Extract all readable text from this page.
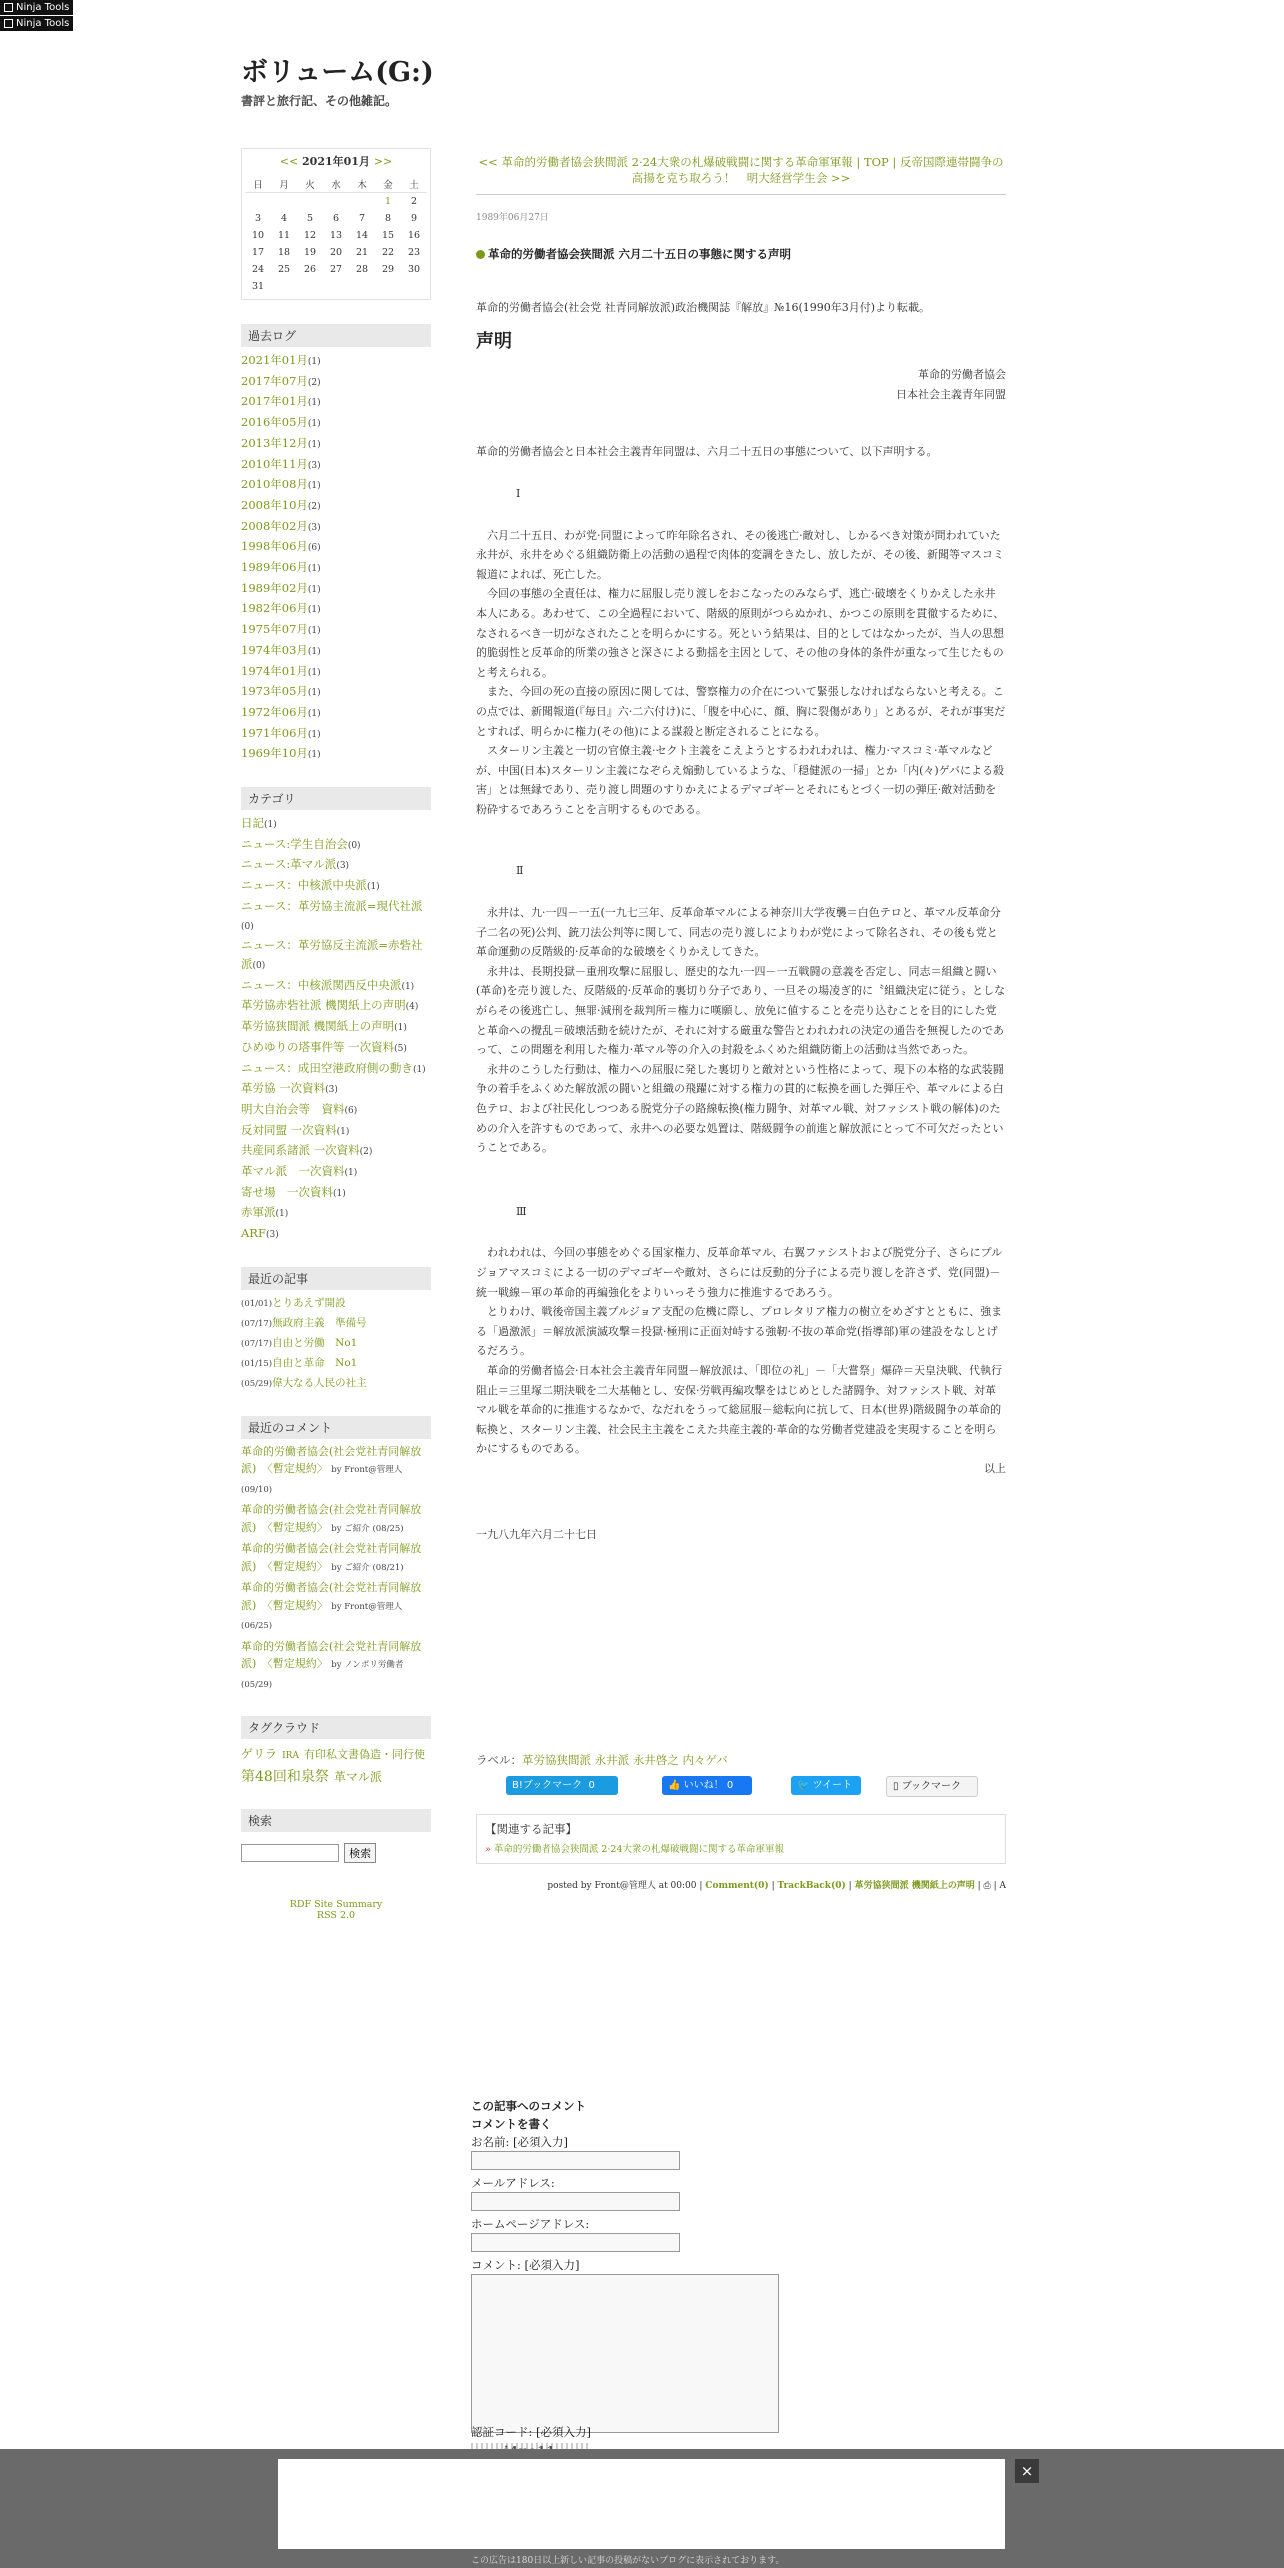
Ninja Tools
Ninja Tools
ボリューム(G:)
書評と旅行記、その他雑記。
<< 2021年01月 >>
日	月	火	水	木	金	土
					1	2
3	4	5	6	7	8	9
10	11	12	13	14	15	16
17	18	19	20	21	22	23
24	25	26	27	28	29	30
31						
過去ログ
2021年01月(1)
2017年07月(2)
2017年01月(1)
2016年05月(1)
2013年12月(1)
2010年11月(3)
2010年08月(1)
2008年10月(2)
2008年02月(3)
1998年06月(6)
1989年06月(1)
1989年02月(1)
1982年06月(1)
1975年07月(1)
1974年03月(1)
1974年01月(1)
1973年05月(1)
1972年06月(1)
1971年06月(1)
1969年10月(1)
カテゴリ
日記(1)
ニュース:学生自治会(0)
ニュース:革マル派(3)
ニュース：中核派中央派(1)
ニュース：革労協主流派=現代社派(0)
ニュース：革労協反主流派=赤砦社派(0)
ニュース：中核派関西反中央派(1)
革労協赤砦社派 機関紙上の声明(4)
革労協狭間派 機関紙上の声明(1)
ひめゆりの塔事件等 一次資料(5)
ニュース：成田空港政府側の動き(1)
革労協 一次資料(3)
明大自治会等　資料(6)
反対同盟 一次資料(1)
共産同系諸派 一次資料(2)
革マル派　一次資料(1)
寄せ場　一次資料(1)
赤軍派(1)
ARF(3)
最近の記事
(01/01)とりあえず開設
(07/17)無政府主義　準備号
(07/17)自由と労働　No1
(01/15)自由と革命　No1
(05/29)偉大なる人民の社主
最近のコメント
革命的労働者協会(社会党社青同解放派)　〈暫定規約〉 by Front@管理人 (09/10)
革命的労働者協会(社会党社青同解放派)　〈暫定規約〉 by ご紹介 (08/25)
革命的労働者協会(社会党社青同解放派)　〈暫定規約〉 by ご紹介 (08/21)
革命的労働者協会(社会党社青同解放派)　〈暫定規約〉 by Front@管理人 (06/25)
革命的労働者協会(社会党社青同解放派)　〈暫定規約〉 by ノンポリ労働者 (05/29)
タグクラウド
ゲリラ IRA 有印私文書偽造・同行使 第48回和泉祭 革マル派
検索
検索
RDF Site Summary
RSS 2.0
<< 革命的労働者協会狭間派 2·24大衆の札爆破戦闘に関する革命軍軍報 | TOP | 反帝国際連帯闘争の高揚を克ち取ろう！　明大経営学生会 >>
1989年06月27日
革命的労働者協会狭間派 六月二十五日の事態に関する声明

革命的労働者協会(社会党 社青同解放派)政治機関誌『解放』№16(1990年3月付)より転載。

声明

革命的労働者協会

日本社会主義青年同盟

革命的労働者協会と日本社会主義青年同盟は、六月二十五日の事態について、以下声明する。

Ⅰ

六月二十五日、わが党·同盟によって昨年除名され、その後逃亡·敵対し、しかるべき対策が問われていた永井が、永井をめぐる組織防衛上の活動の過程で肉体的変調をきたし、放したが、その後、新聞等マスコミ報道によれば、死亡した。

今回の事態の全責任は、権力に屈服し売り渡しをおこなったのみならず、逃亡·破壊をくりかえした永井本人にある。あわせて、この全過程において、階級的原則がつらぬかれ、かつこの原則を貫徹するために、なされるべき一切がなされたことを明らかにする。死という結果は、目的としてはなかったが、当人の思想的脆弱性と反革命的所業の強さと深さによる動揺を主因として、その他の身体的条件が重なって生じたものと考えられる。

また、今回の死の直接の原因に関しては、警察権力の介在について緊張しなければならないと考える。この点では、新聞報道(『毎日』六·二六付け)に、「腹を中心に、顔、胸に裂傷があり」とあるが、それが事実だとすれば、明らかに権力(その他)による謀殺と断定されることになる。

スターリン主義と一切の官僚主義·セクト主義をこえようとするわれわれは、権力·マスコミ·革マルなどが、中国(日本)スターリン主義になぞらえ煽動しているような、「穏健派の一掃」とか「内(々)ゲバによる殺害」とは無縁であり、売り渡し問題のすりかえによるデマゴギーとそれにもとづく一切の弾圧·敵対活動を粉砕するであろうことを言明するものである。

Ⅱ

永井は、九·一四－一五(一九七三年、反革命革マルによる神奈川大学夜襲＝白色テロと、革マル反革命分子二名の死)公判、銃刀法公判等に関して、同志の売り渡しによりわが党によって除名され、その後も党と革命運動の反階級的·反革命的な破壊をくりかえしてきた。

永井は、長期投獄－重刑攻撃に屈服し、歴史的な九·一四－一五戦闘の意義を否定し、同志＝組織と闘い(革命)を売り渡した、反階級的·反革命的裏切り分子であり、一旦その場凌ぎ的に〝組織決定に従う〟としながらその後逃亡し、無罪·減刑を裁判所＝権力に嘆願し、放免に値することを売り込むことを目的にした党と革命への攪乱＝破壊活動を続けたが、それに対する厳重な警告とわれわれの決定の通告を無視したのであって、この問題を利用した権力·革マル等の介入の封殺をふくめた組織防衛上の活動は当然であった。

永井のこうした行動は、権力への屈服に発した裏切りと敵対という性格によって、現下の本格的な武装闘争の着手をふくめた解放派の闘いと組織の飛躍に対する権力の貫的に転換を画した弾圧や、革マルによる白色テロ、および社民化しつつある脱党分子の路線転換(権力闘争、対革マル戦、対ファシスト戦の解体)のための介入を許すものであって、永井への必要な処置は、階級闘争の前進と解放派にとって不可欠だったということである。

Ⅲ

われわれは、今回の事態をめぐる国家権力、反革命革マル、右翼ファシストおよび脱党分子、さらにプルジョアマスコミによる一切のデマゴギーや敵対、さらには反動的分子による売り渡しを許さず、党(同盟)－統一戦線－軍の革命的再編強化をよりいっそう強力に推進するであろう。

とりわけ、戦後帝国主義プルジョア支配の危機に際し、プロレタリア権力の樹立をめざすとともに、強まる「過激派」＝解放派演滅攻撃＝投獄·極刑に正面対峙する強靭·不抜の革命党(指導部)軍の建設をなしとげるだろう。

革命的労働者協会·日本社会主義青年同盟－解放派は、「即位の礼」－「大嘗祭」爆砕＝天皇決戦、代執行阻止＝三里塚二期決戦を二大基軸とし、安保·労戦再編攻撃をはじめとした諸闘争、対ファシスト戦、対革マル戦を革命的に推進するなかで、なだれをうって総屈服－総転向に抗して、日本(世界)階級闘争の革命的転換と、スターリン主義、社会民主主義をこえた共産主義的·革命的な労働者党建設を実現することを明らかにするものである。

以上

一九八九年六月二十七日

ラベル：革労協狭間派 永井派 永井啓之 内々ゲバ
B!ブックマーク 0	👍 いいね！ 0	🐦 ツイート	▯ ブックマーク
【関連する記事】
» 革命的労働者協会狭間派 2·24大衆の札爆破戦闘に関する革命軍軍報
posted by Front@管理人 at 00:00 | Comment(0) | TrackBack(0) | 革労協狭間派 機関紙上の声明 | ⎙ | A
この記事へのコメント
コメントを書く
お名前: [必須入力]
メールアドレス:
ホームページアドレス:
コメント: [必須入力]
認証コード: [必須入力]
×
この広告は180日以上新しい記事の投稿がないブログに表示されております。
